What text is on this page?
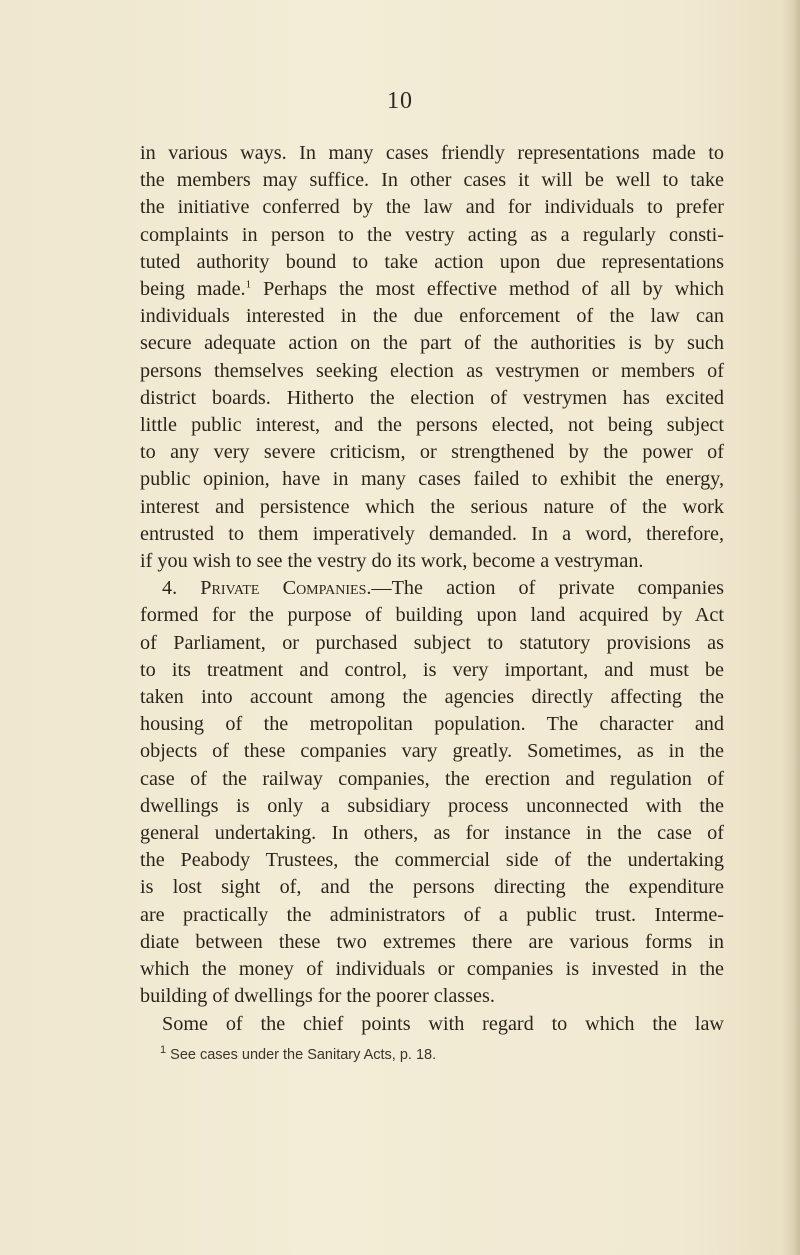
10
in various ways. In many cases friendly representations made to
the members may suffice. In other cases it will be well to take
the initiative conferred by the law and for individuals to prefer
complaints in person to the vestry acting as a regularly consti-
tuted authority bound to take action upon due representations
being made.$^1$ Perhaps the most effective method of all by which
individuals interested in the due enforcement of the law can
secure adequate action on the part of the authorities is by such
persons themselves seeking election as vestrymen or members of
district boards. Hitherto the election of vestrymen has excited
little public interest, and the persons elected, not being subject
to any very severe criticism, or strengthened by the power of
public opinion, have in many cases failed to exhibit the energy,
interest and persistence which the serious nature of the work
entrusted to them imperatively demanded. In a word, therefore,
if you wish to see the vestry do its work, become a vestryman.
4. Private Companies.—The action of private companies
formed for the purpose of building upon land acquired by Act
of Parliament, or purchased subject to statutory provisions as
to its treatment and control, is very important, and must be
taken into account among the agencies directly affecting the
housing of the metropolitan population. The character and
objects of these companies vary greatly. Sometimes, as in the
case of the railway companies, the erection and regulation of
dwellings is only a subsidiary process unconnected with the
general undertaking. In others, as for instance in the case of
the Peabody Trustees, the commercial side of the undertaking
is lost sight of, and the persons directing the expenditure
are practically the administrators of a public trust. Interme-
diate between these two extremes there are various forms in
which the money of individuals or companies is invested in the
building of dwellings for the poorer classes.
Some of the chief points with regard to which the law
$^1$ See cases under the Sanitary Acts, p. 18.
